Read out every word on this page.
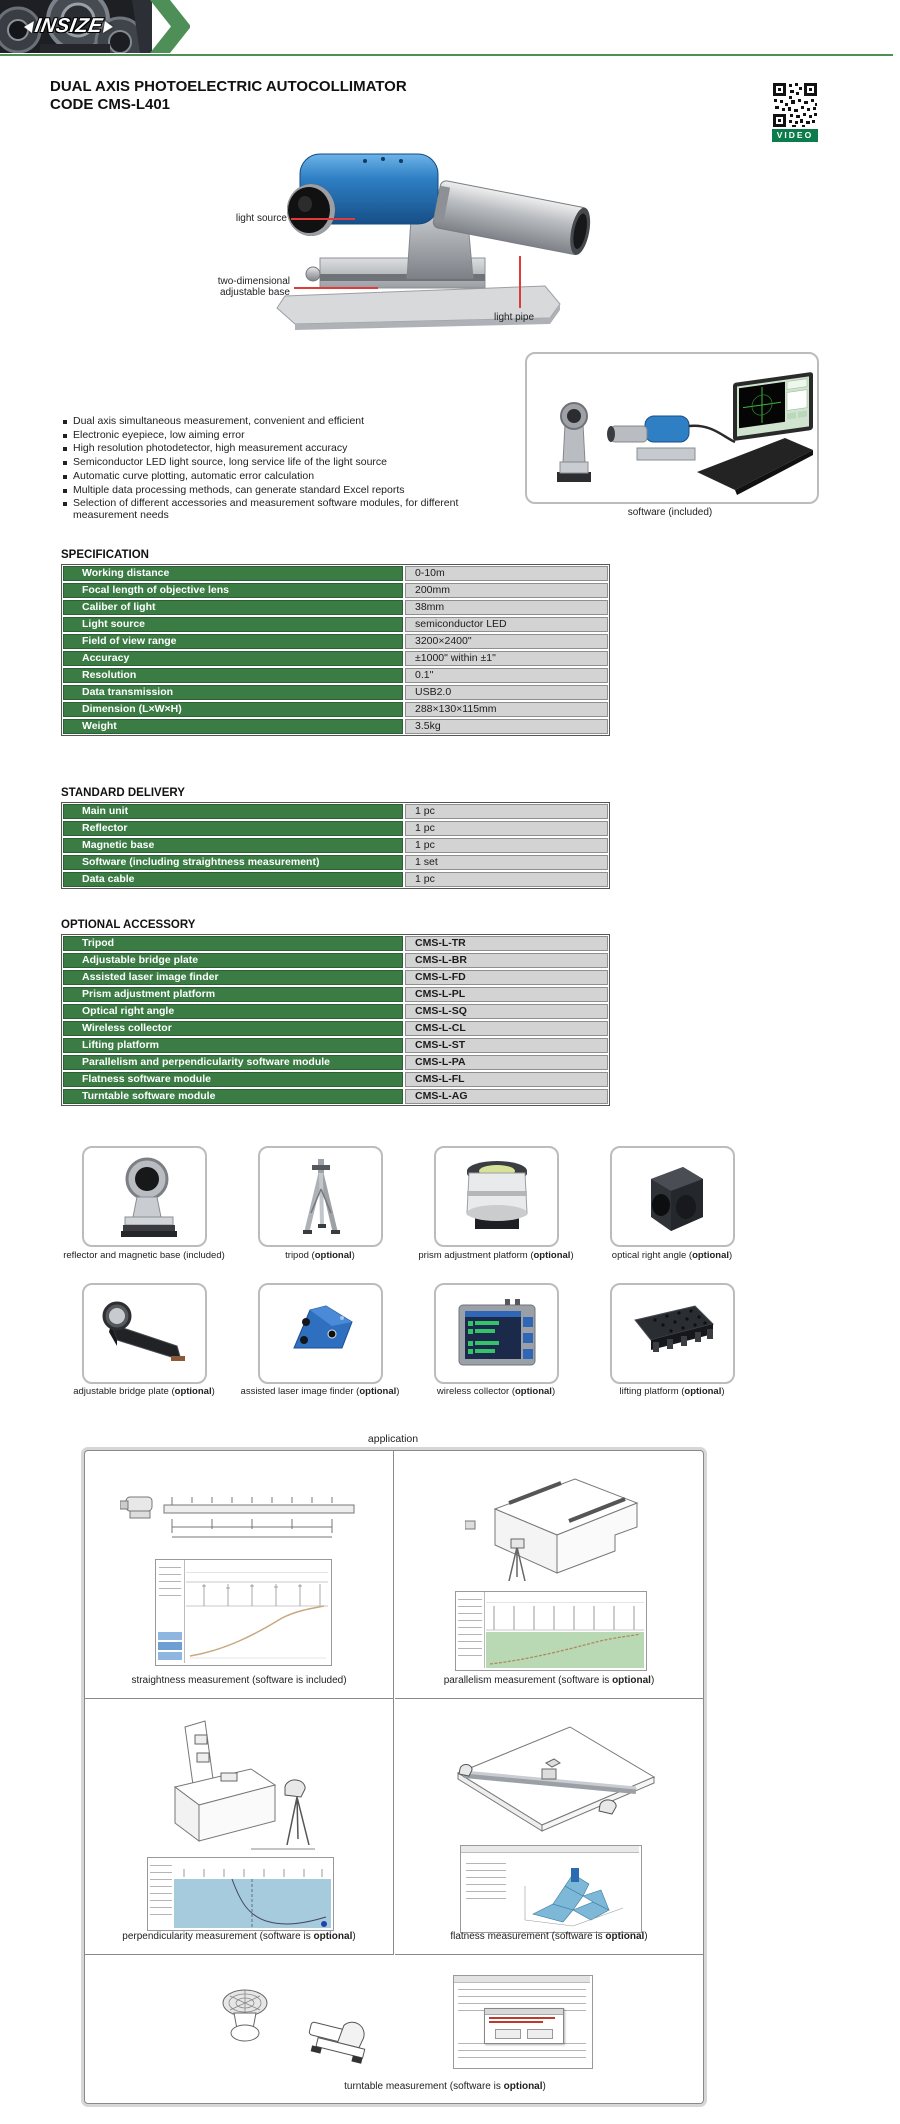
INSIZE
DUAL AXIS PHOTOELECTRIC AUTOCOLLIMATOR
CODE CMS-L401
VIDEO
light source
two-dimensional
adjustable base
light pipe
Dual axis simultaneous measurement, convenient and efficient
Electronic eyepiece, low aiming error
High resolution photodetector, high measurement accuracy
Semiconductor LED light source, long service life of the light source
Automatic curve plotting, automatic error calculation
Multiple data processing methods, can generate standard Excel reports
Selection of different accessories and measurement software modules, for different measurement needs	software (included)
SPECIFICATION
Working distance	0-10m
Focal length of objective lens	200mm
Caliber of light	38mm
Light source	semiconductor LED
Field of view range	3200×2400"
Accuracy	±1000" within ±1"
Resolution	0.1"
Data transmission	USB2.0
Dimension (L×W×H)	288×130×115mm
Weight	3.5kg
STANDARD DELIVERY
Main unit	1 pc
Reflector	1 pc
Magnetic base	1 pc
Software (including straightness measurement)	1 set
Data cable	1 pc
OPTIONAL ACCESSORY
Tripod	CMS-L-TR
Adjustable bridge plate	CMS-L-BR
Assisted laser image finder	CMS-L-FD
Prism adjustment platform	CMS-L-PL
Optical right angle	CMS-L-SQ
Wireless collector	CMS-L-CL
Lifting platform	CMS-L-ST
Parallelism and perpendicularity software module	CMS-L-PA
Flatness software module	CMS-L-FL
Turntable software module	CMS-L-AG
reflector and magnetic base (included)	tripod (optional)	prism adjustment platform (optional)	optical right angle (optional)
adjustable bridge plate (optional)	assisted laser image finder (optional)	wireless collector (optional)	lifting platform (optional)
application
straightness measurement (software is included)	parallelism measurement (software is optional)
perpendicularity measurement (software is optional)	flatness measurement (software is optional)
turntable measurement (software is optional)
